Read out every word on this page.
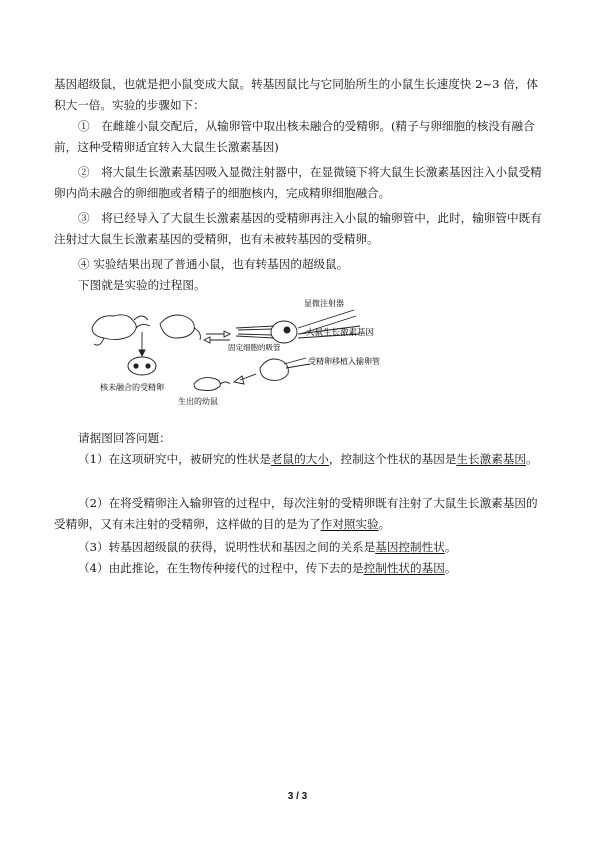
基因超级鼠，也就是把小鼠变成大鼠。转基因鼠比与它同胎所生的小鼠生长速度快 2~3 倍，体积大一倍。实验的步骤如下：

①　在雌雄小鼠交配后，从输卵管中取出核未融合的受精卵。(精子与卵细胞的核没有融合前，这种受精卵适宜转入大鼠生长激素基因)

②　将大鼠生长激素基因吸入显微注射器中，在显微镜下将大鼠生长激素基因注入小鼠受精卵内尚未融合的卵细胞或者精子的细胞核内，完成精卵细胞融合。

③　将已经导入了大鼠生长激素基因的受精卵再注入小鼠的输卵管中，此时，输卵管中既有注射过大鼠生长激素基因的受精卵，也有未被转基因的受精卵。

④ 实验结果出现了普通小鼠，也有转基因的超级鼠。

下图就是实验的过程图。

核未融合的受精卵
显微注射器
大鼠生长激素基因
固定细胞的吸管
受精卵移植入输卵管
生出的幼鼠

请据图回答问题：

（1）在这项研究中，被研究的性状是老鼠的大小，控制这个性状的基因是生长激素基因。

（2）在将受精卵注入输卵管的过程中，每次注射的受精卵既有注射了大鼠生长激素基因的受精卵，又有未注射的受精卵，这样做的目的是为了作对照实验。

（3）转基因超级鼠的获得，说明性状和基因之间的关系是基因控制性状。

（4）由此推论，在生物传种接代的过程中，传下去的是控制性状的基因。

3 / 3
